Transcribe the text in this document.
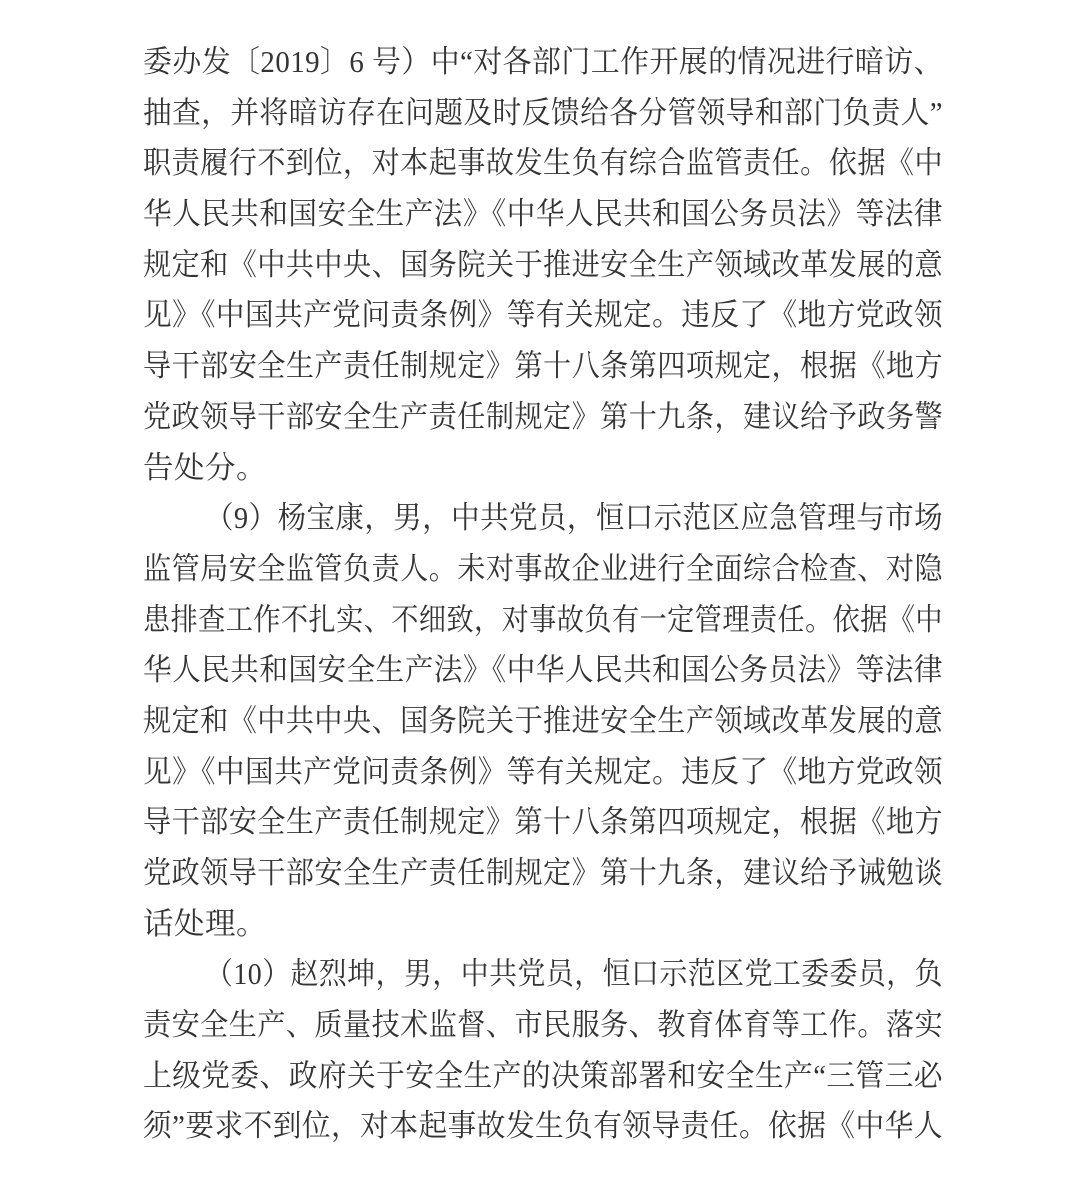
委办发〔2019〕6 号）中“对各部门工作开展的情况进行暗访、
抽查，并将暗访存在问题及时反馈给各分管领导和部门负责人”
职责履行不到位，对本起事故发生负有综合监管责任。依据《中
华人民共和国安全生产法》《中华人民共和国公务员法》等法律
规定和《中共中央、国务院关于推进安全生产领域改革发展的意
见》《中国共产党问责条例》等有关规定。违反了《地方党政领
导干部安全生产责任制规定》第十八条第四项规定，根据《地方
党政领导干部安全生产责任制规定》第十九条，建议给予政务警
告处分。
（9）杨宝康，男，中共党员，恒口示范区应急管理与市场
监管局安全监管负责人。未对事故企业进行全面综合检查、对隐
患排查工作不扎实、不细致，对事故负有一定管理责任。依据《中
华人民共和国安全生产法》《中华人民共和国公务员法》等法律
规定和《中共中央、国务院关于推进安全生产领域改革发展的意
见》《中国共产党问责条例》等有关规定。违反了《地方党政领
导干部安全生产责任制规定》第十八条第四项规定，根据《地方
党政领导干部安全生产责任制规定》第十九条，建议给予诫勉谈
话处理。
（10）赵烈坤，男，中共党员，恒口示范区党工委委员，负
责安全生产、质量技术监督、市民服务、教育体育等工作。落实
上级党委、政府关于安全生产的决策部署和安全生产“三管三必
须”要求不到位，对本起事故发生负有领导责任。依据《中华人
